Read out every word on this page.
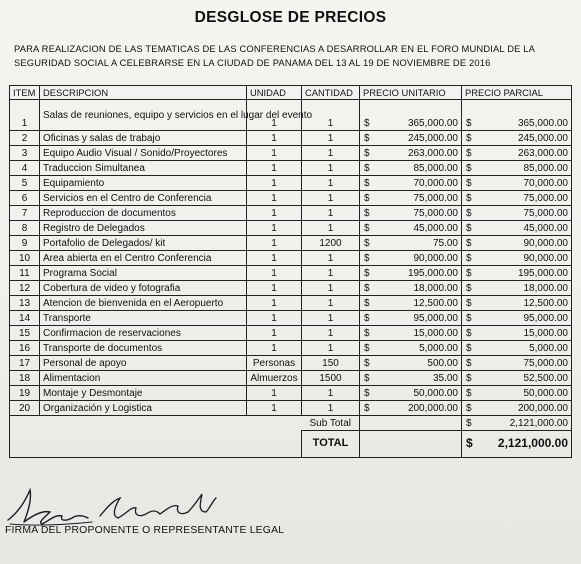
DESGLOSE DE PRECIOS
PARA REALIZACION DE LAS TEMATICAS DE LAS CONFERENCIAS A DESARROLLAR EN EL FORO MUNDIAL DE LA
SEGURIDAD SOCIAL A CELEBRARSE EN LA CIUDAD DE PANAMA DEL 13 AL 19 DE NOVIEMBRE DE 2016
ITEM	DESCRIPCION	UNIDAD	CANTIDAD	PRECIO UNITARIO	PRECIO PARCIAL
1	Salas de reuniones, equipo y servicios en el lugar del evento	1	1	$ 365,000.00	$ 365,000.00
2	Oficinas y salas de trabajo	1	1	$ 245,000.00	$ 245,000.00
3	Equipo Audio Visual / Sonido/Proyectores	1	1	$ 263,000.00	$ 263,000.00
4	Traduccion Simultanea	1	1	$ 85,000.00	$ 85,000.00
5	Equipamiento	1	1	$ 70,000.00	$ 70,000.00
6	Servicios en el Centro de Conferencia	1	1	$ 75,000.00	$ 75,000.00
7	Reproduccion de documentos	1	1	$ 75,000.00	$ 75,000.00
8	Registro de Delegados	1	1	$ 45,000.00	$ 45,000.00
9	Portafolio de Delegados/ kit	1	1200	$ 75.00	$ 90,000.00
10	Area abierta en el Centro Conferencia	1	1	$ 90,000.00	$ 90,000.00
11	Programa Social	1	1	$ 195,000.00	$ 195,000.00
12	Cobertura de video y fotografia	1	1	$ 18,000.00	$ 18,000.00
13	Atencion de bienvenida en el Aeropuerto	1	1	$ 12,500.00	$ 12,500.00
14	Transporte	1	1	$ 95,000.00	$ 95,000.00
15	Confirmacion de reservaciones	1	1	$ 15,000.00	$ 15,000.00
16	Transporte de documentos	1	1	$ 5,000.00	$ 5,000.00
17	Personal de apoyo	Personas	150	$ 500.00	$ 75,000.00
18	Alimentacion	Almuerzos	1500	$ 35.00	$ 52,500.00
19	Montaje y Desmontaje	1	1	$ 50,000.00	$ 50,000.00
20	Organización y Logistica	1	1	$ 200,000.00	$ 200,000.00
			Sub Total		$ 2,121,000.00
			TOTAL		$ 2,121,000.00
FIRMA DEL PROPONENTE O REPRESENTANTE LEGAL
